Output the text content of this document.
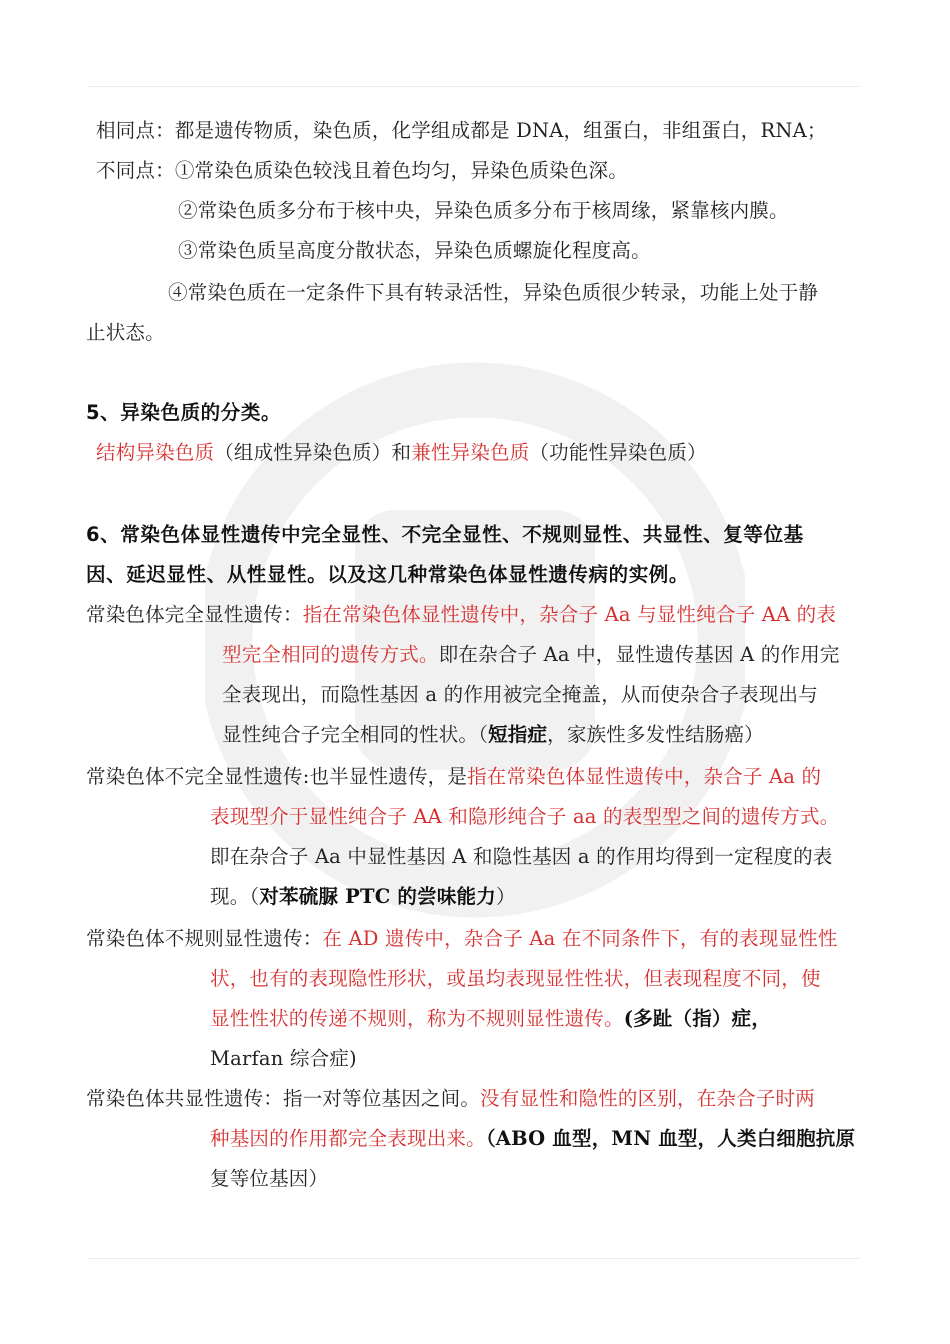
相同点：都是遗传物质，染色质，化学组成都是 DNA，组蛋白，非组蛋白，RNA；
不同点：①常染色质染色较浅且着色均匀，异染色质染色深。
②常染色质多分布于核中央，异染色质多分布于核周缘，紧靠核内膜。
③常染色质呈高度分散状态，异染色质螺旋化程度高。
④常染色质在一定条件下具有转录活性，异染色质很少转录，功能上处于静
止状态。
5、异染色质的分类。
结构异染色质（组成性异染色质）和兼性异染色质（功能性异染色质）
6、常染色体显性遗传中完全显性、不完全显性、不规则显性、共显性、复等位基
因、延迟显性、从性显性。以及这几种常染色体显性遗传病的实例。
常染色体完全显性遗传：指在常染色体显性遗传中，杂合子 Aa 与显性纯合子 AA 的表
型完全相同的遗传方式。即在杂合子 Aa 中，显性遗传基因 A 的作用完
全表现出，而隐性基因 a 的作用被完全掩盖，从而使杂合子表现出与
显性纯合子完全相同的性状。（短指症，家族性多发性结肠癌）
常染色体不完全显性遗传:也半显性遗传，是指在常染色体显性遗传中，杂合子 Aa 的
表现型介于显性纯合子 AA 和隐形纯合子 aa 的表型型之间的遗传方式。
即在杂合子 Aa 中显性基因 A 和隐性基因 a 的作用均得到一定程度的表
现。（对苯硫脲 PTC 的尝味能力）
常染色体不规则显性遗传：在 AD 遗传中，杂合子 Aa 在不同条件下，有的表现显性性
状，也有的表现隐性形状，或虽均表现显性性状，但表现程度不同，使
显性性状的传递不规则，称为不规则显性遗传。(多趾（指）症，
Marfan 综合症)
常染色体共显性遗传：指一对等位基因之间。没有显性和隐性的区别，在杂合子时两
种基因的作用都完全表现出来。（ABO 血型，MN 血型，人类白细胞抗原
复等位基因）
